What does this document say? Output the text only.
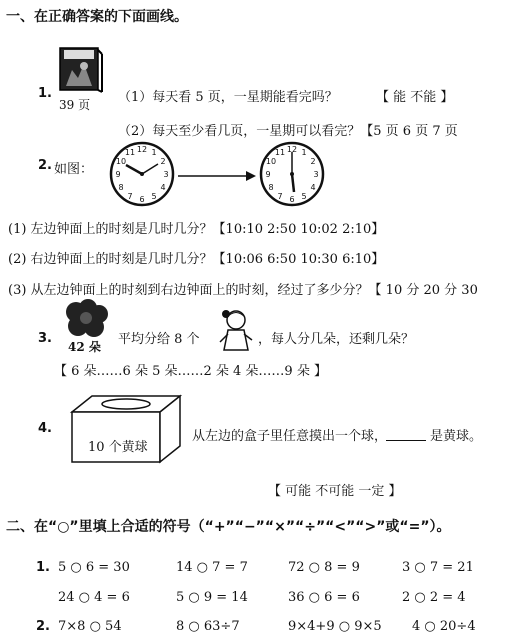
一、在正确答案的下面画线。
1.
39 页 （1）每天看 5 页，一星期能看完吗？	【 能 不能 】
（2）每天至少看几页，一星期可以看完？【5 页 6 页 7 页
2. 如图：
12 1
2
3
4
5
6
7
8
9
10
11	12 1
2
3
4
5
6
7
8
9
10
11
(1) 左边钟面上的时刻是几时几分？【10:10 2:50 10:02 2:10】
(2) 右边钟面上的时刻是几时几分？【10:06 6:50 10:30 6:10】
(3) 从左边钟面上的时刻到右边钟面上的时刻，经过了多少分？【 10 分 20 分 30
3.
42 朵 平均分给 8 个	，每人分几朵，还剩几朵？
【 6 朵……6 朵 5 朵……2 朵 4 朵……9 朵 】
4.
10 个黄球
从左边的盒子里任意摸出一个球，	是黄球。
【 可能 不可能 一定 】
二、在“○”里填上合适的符号（“+”“−”“×”“÷”“<”“>”或“=”）。
1. 5 ○ 6 = 30	14 ○ 7 = 7	72 ○ 8 = 9	3 ○ 7 = 21
24 ○ 4 = 6	5 ○ 9 = 14	36 ○ 6 = 6	2 ○ 2 = 4
2. 7×8 ○ 54	8 ○ 63÷7	9×4+9 ○ 9×5 4 ○ 20÷4
